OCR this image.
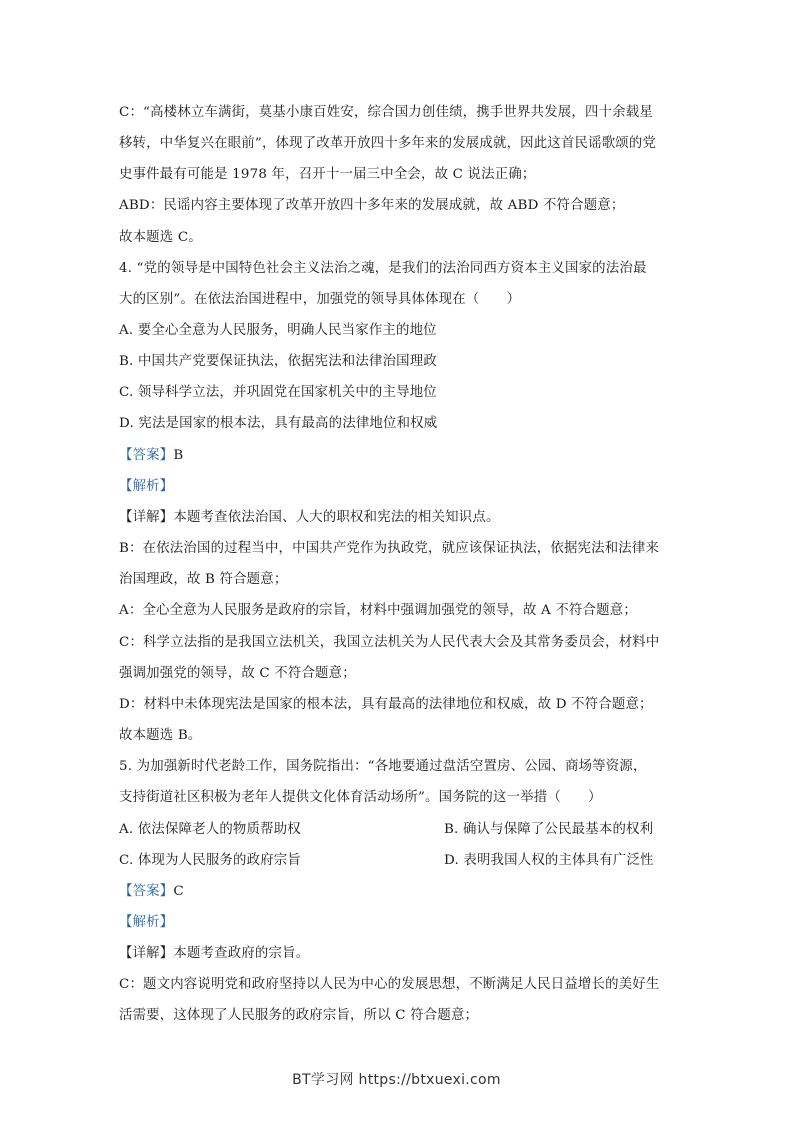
C：“高楼林立车满街，莫基小康百姓安，综合国力创佳绩，携手世界共发展，四十余载星
移转，中华复兴在眼前”，体现了改革开放四十多年来的发展成就，因此这首民谣歌颂的党
史事件最有可能是 1978 年，召开十一届三中全会，故 C 说法正确；
ABD：民谣内容主要体现了改革开放四十多年来的发展成就，故 ABD 不符合题意；
故本题选 C。
4. “党的领导是中国特色社会主义法治之魂，是我们的法治同西方资本主义国家的法治最
大的区别”。在依法治国进程中，加强党的领导具体体现在（　　）
A. 要全心全意为人民服务，明确人民当家作主的地位
B. 中国共产党要保证执法，依据宪法和法律治国理政
C. 领导科学立法，并巩固党在国家机关中的主导地位
D. 宪法是国家的根本法，具有最高的法律地位和权威
【答案】B
【解析】
【详解】本题考查依法治国、人大的职权和宪法的相关知识点。
B：在依法治国的过程当中，中国共产党作为执政党，就应该保证执法，依据宪法和法律来
治国理政，故 B 符合题意；
A：全心全意为人民服务是政府的宗旨，材料中强调加强党的领导，故 A 不符合题意；
C：科学立法指的是我国立法机关，我国立法机关为人民代表大会及其常务委员会，材料中
强调加强党的领导，故 C 不符合题意；
D：材料中未体现宪法是国家的根本法，具有最高的法律地位和权威，故 D 不符合题意；
故本题选 B。
5. 为加强新时代老龄工作，国务院指出：“各地要通过盘活空置房、公园、商场等资源，
支持街道社区积极为老年人提供文化体育活动场所”。国务院的这一举措（　　）
A. 依法保障老人的物质帮助权	B. 确认与保障了公民最基本的权利
C. 体现为人民服务的政府宗旨	D. 表明我国人权的主体具有广泛性
【答案】C
【解析】
【详解】本题考查政府的宗旨。
C：题文内容说明党和政府坚持以人民为中心的发展思想，不断满足人民日益增长的美好生
活需要，这体现了人民服务的政府宗旨，所以 C 符合题意；
BT学习网 https://btxuexi.com
